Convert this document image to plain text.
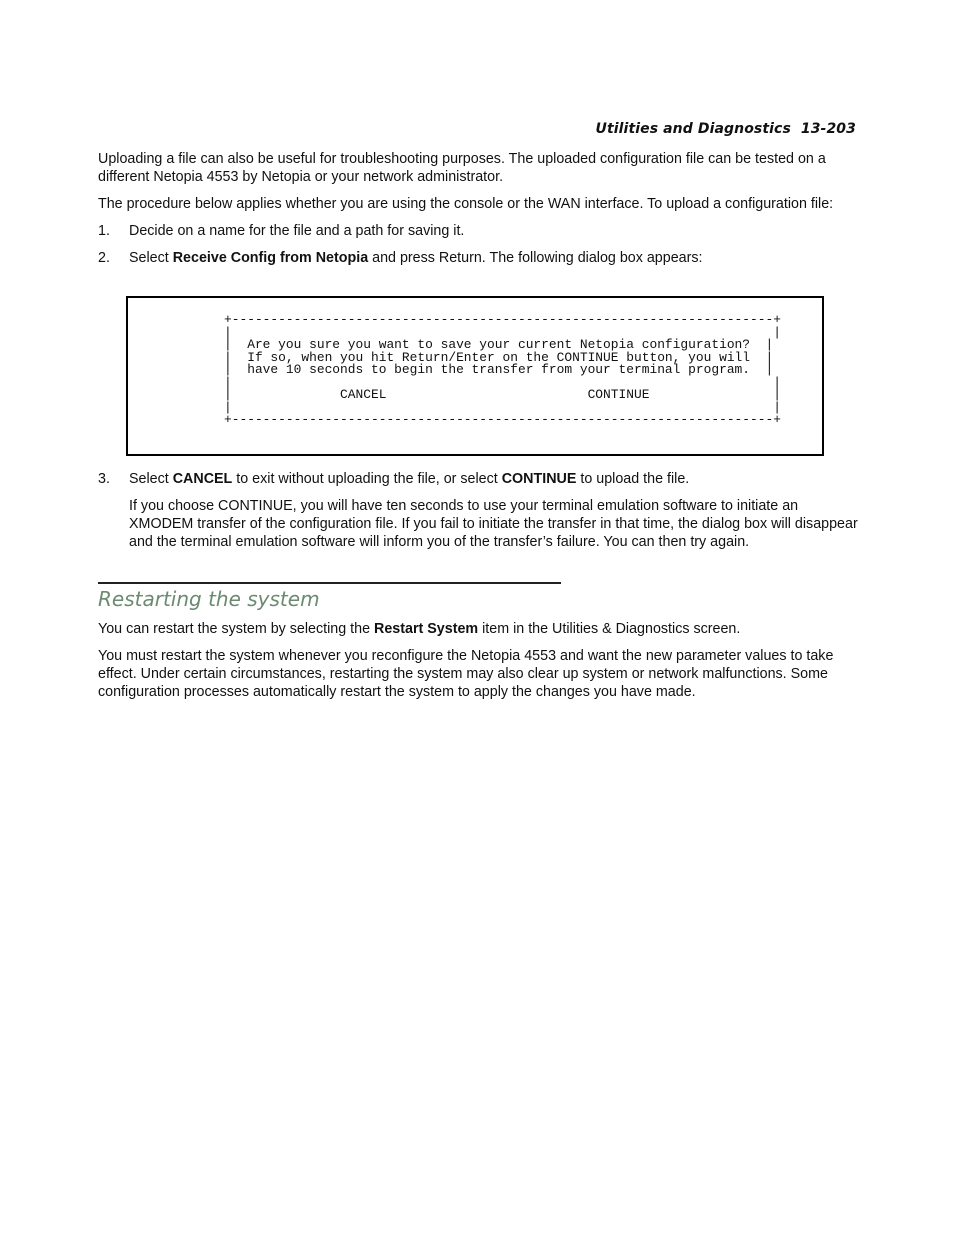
Utilities and Diagnostics 13-203

Uploading a file can also be useful for troubleshooting purposes. The uploaded configuration file can be tested on a different Netopia 4553 by Netopia or your network administrator.

The procedure below applies whether you are using the console or the WAN interface. To upload a configuration file:

1. Decide on a name for the file and a path for saving it.

2. Select Receive Config from Netopia and press Return. The following dialog box appears:

+----------------------------------------------------------------------+
|                                                                      |
|  Are you sure you want to save your current Netopia configuration?  |
|  If so, when you hit Return/Enter on the CONTINUE button, you will  |
|  have 10 seconds to begin the transfer from your terminal program.  |
|                                                                      |
|              CANCEL                          CONTINUE                |
|                                                                      |
+----------------------------------------------------------------------+
3. Select CANCEL to exit without uploading the file, or select CONTINUE to upload the file.

If you choose CONTINUE, you will have ten seconds to use your terminal emulation software to initiate an XMODEM transfer of the configuration file. If you fail to initiate the transfer in that time, the dialog box will disappear and the terminal emulation software will inform you of the transfer’s failure. You can then try again.

Restarting the system

You can restart the system by selecting the Restart System item in the Utilities & Diagnostics screen.

You must restart the system whenever you reconfigure the Netopia 4553 and want the new parameter values to take effect. Under certain circumstances, restarting the system may also clear up system or network malfunctions. Some configuration processes automatically restart the system to apply the changes you have made.
